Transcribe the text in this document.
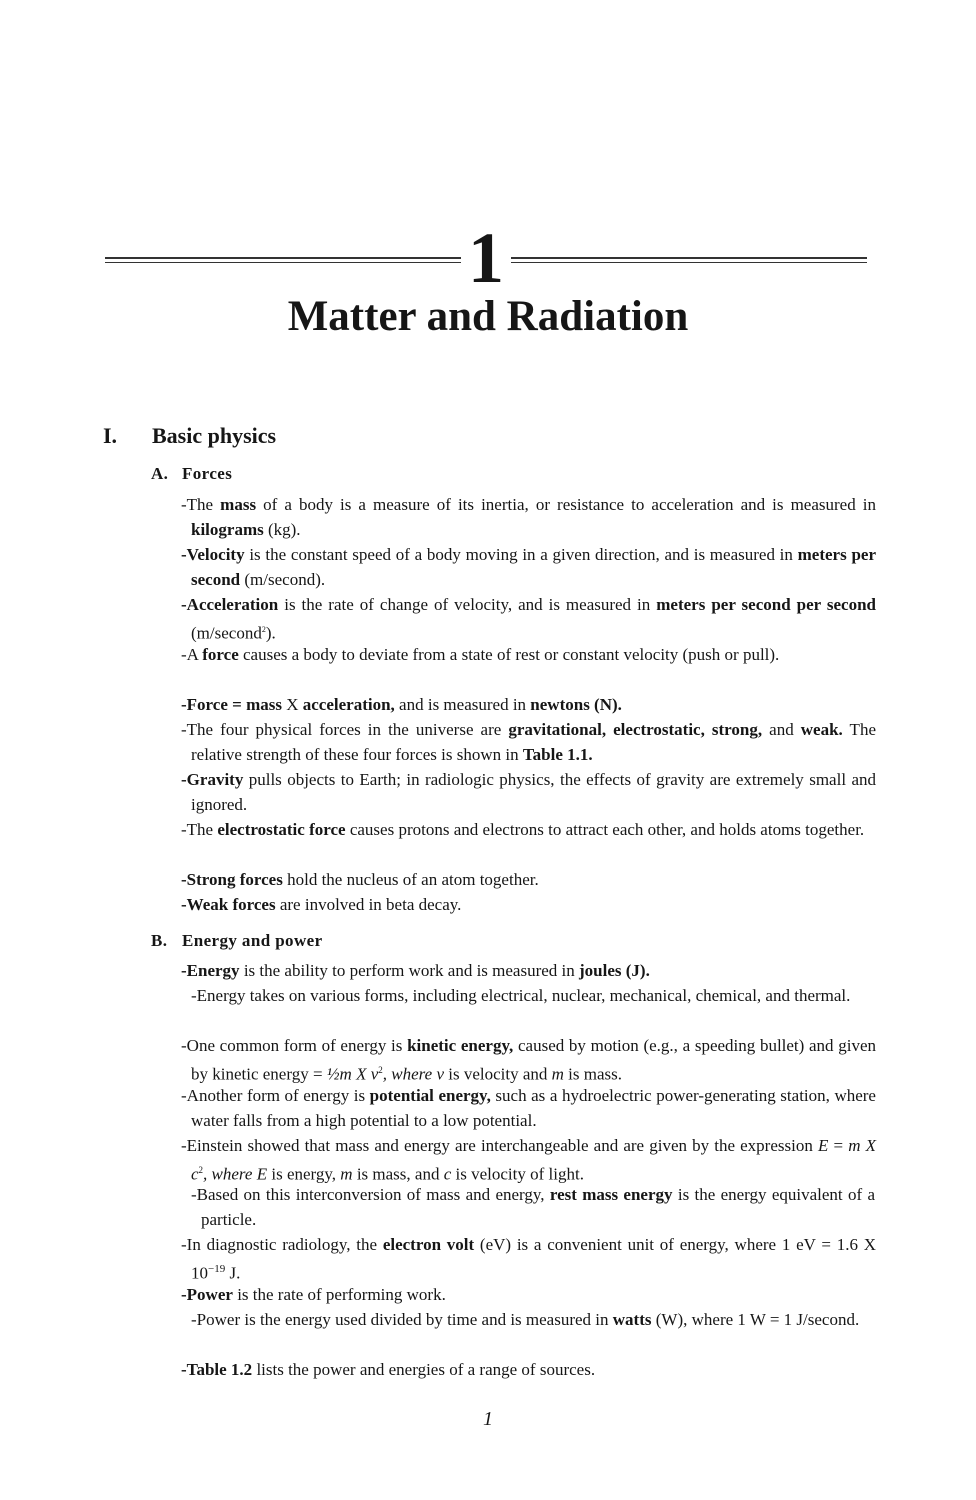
1
Matter and Radiation
I. Basic physics
A. Forces
-The mass of a body is a measure of its inertia, or resistance to acceleration and is measured in kilograms (kg).
-Velocity is the constant speed of a body moving in a given direction, and is measured in meters per second (m/second).
-Acceleration is the rate of change of velocity, and is measured in meters per second per second (m/second$^2$).
-A force causes a body to deviate from a state of rest or constant velocity (push or pull).
-Force = mass X acceleration, and is measured in newtons (N).
-The four physical forces in the universe are gravitational, electrostatic, strong, and weak. The relative strength of these four forces is shown in Table 1.1.
-Gravity pulls objects to Earth; in radiologic physics, the effects of gravity are extremely small and ignored.
-The electrostatic force causes protons and electrons to attract each other, and holds atoms together.
-Strong forces hold the nucleus of an atom together.
-Weak forces are involved in beta decay.
B. Energy and power
-Energy is the ability to perform work and is measured in joules (J).
-Energy takes on various forms, including electrical, nuclear, mechanical, chemical, and thermal.
-One common form of energy is kinetic energy, caused by motion (e.g., a speeding bullet) and given by kinetic energy = ½m X $v^2$, where v is velocity and m is mass.
-Another form of energy is potential energy, such as a hydroelectric power-generating station, where water falls from a high potential to a low potential.
-Einstein showed that mass and energy are interchangeable and are given by the expression E = m X $c^2$, where E is energy, m is mass, and c is velocity of light.
-Based on this interconversion of mass and energy, rest mass energy is the energy equivalent of a particle.
-In diagnostic radiology, the electron volt (eV) is a convenient unit of energy, where 1 eV = 1.6 X $10^{-19}$ J.
-Power is the rate of performing work.
-Power is the energy used divided by time and is measured in watts (W), where 1 W = 1 J/second.
-Table 1.2 lists the power and energies of a range of sources.
1
